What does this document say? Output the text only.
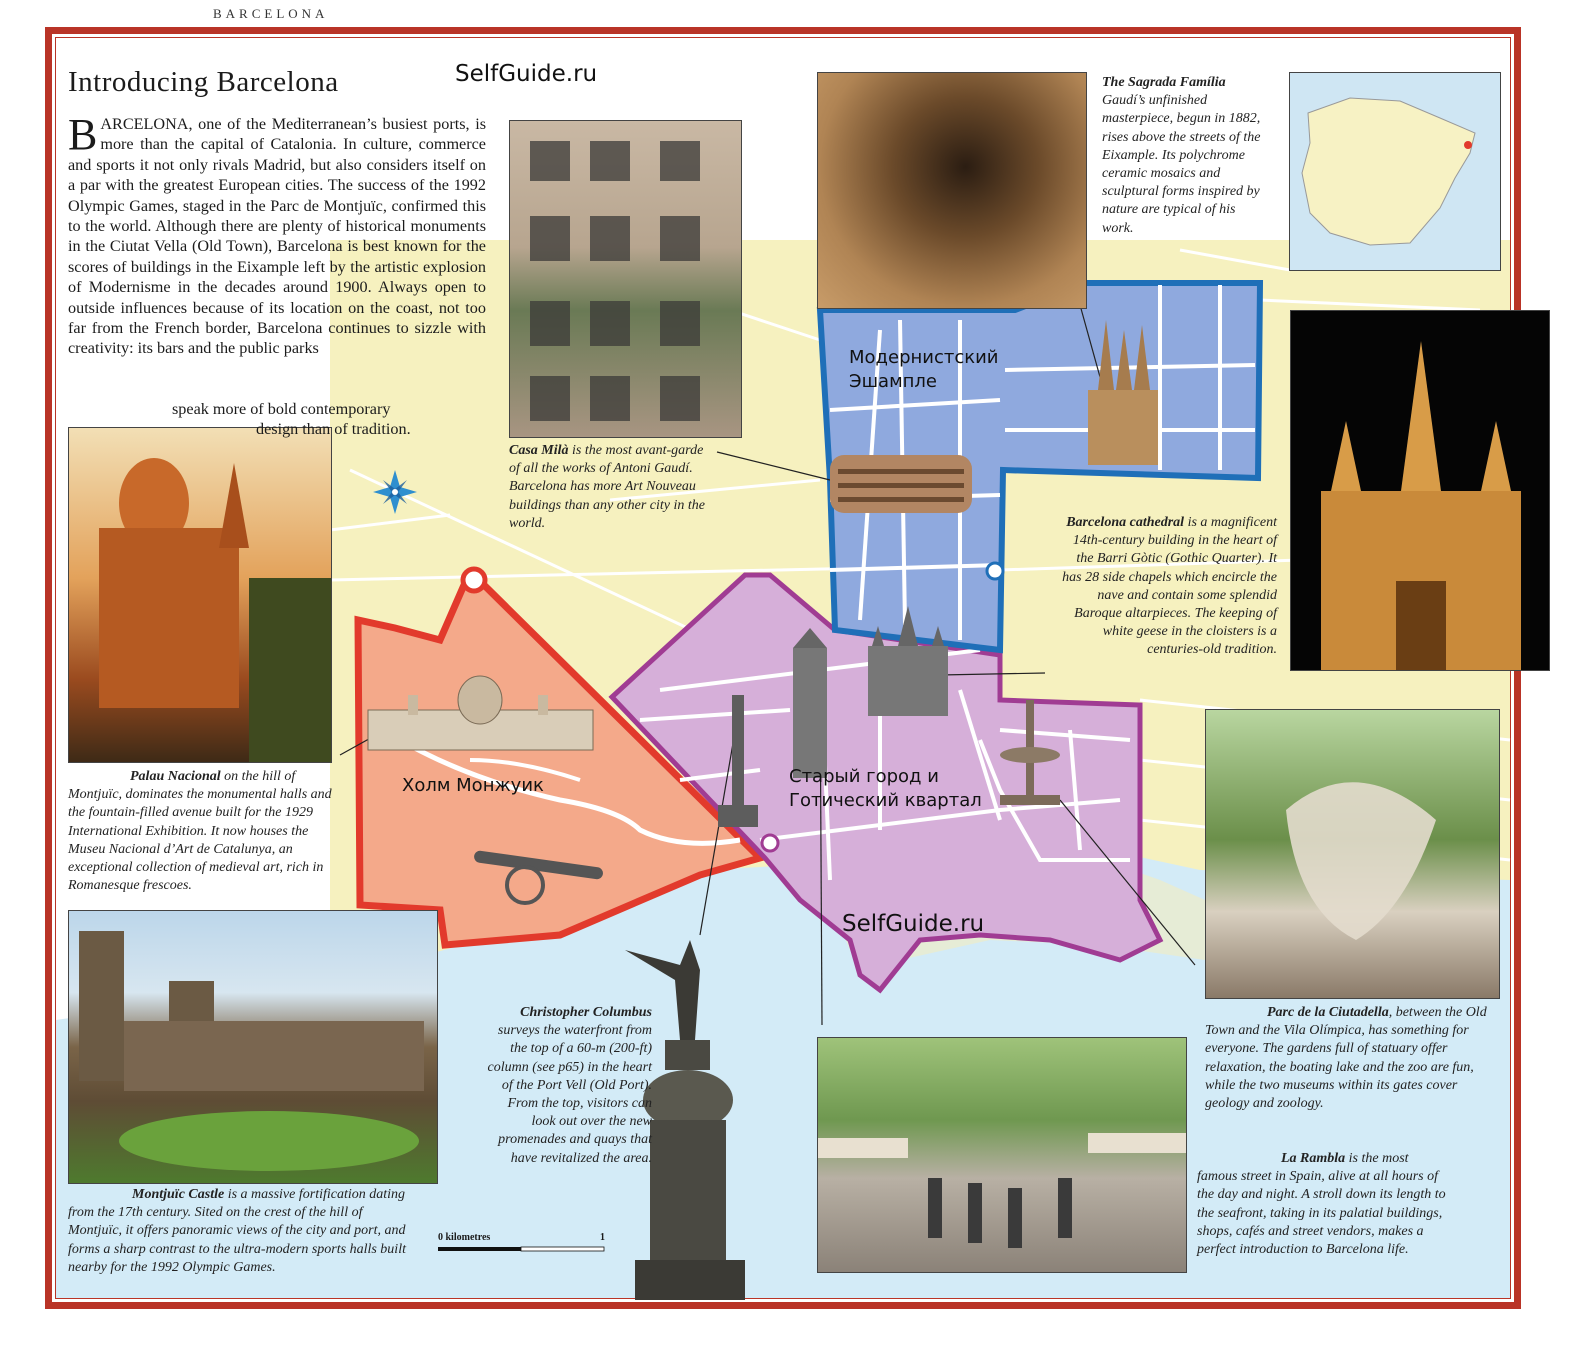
BARCELONA
Introducing Barcelona	SelfGuide.ru
SelfGuide.ru
BARCELONA, one of the Mediterranean’s busiest ports, is more than the capital of Catalonia. In culture, commerce and sports it not only rivals Madrid, but also considers itself on a par with the greatest European cities. The success of the 1992 Olympic Games, staged in the Parc de Montjuïc, confirmed this to the world. Although there are plenty of historical monuments in the Ciutat Vella (Old Town), Barcelona is best known for the scores of buildings in the Eixample left by the artistic explosion of Modernisme in the decades around 1900. Always open to outside influences because of its location on the coast, not too far from the French border, Barcelona continues to sizzle with creativity: its bars and the public parks
speak more of bold contemporary
design than of tradition.
Модернистский Эшампле
Старый город и Готический квартал
Холм Монжуик
The Sagrada Família
Gaudí’s unfinished masterpiece, begun in 1882, rises above the streets of the Eixample. Its polychrome ceramic mosaics and sculptural forms inspired by nature are typical of his work.
Casa Milà is the most avant-garde of all the works of Antoni Gaudí. Barcelona has more Art Nouveau buildings than any other city in the world.	Barcelona cathedral is a magnificent 14th-century building in the heart of the Barri Gòtic (Gothic Quarter). It has 28 side chapels which encircle the nave and contain some splendid Baroque altarpieces. The keeping of white geese in the cloisters is a centuries-old tradition.
Palau Nacional on the hill of Montjuïc, dominates the monumental halls and the fountain-filled avenue built for the 1929 International Exhibition. It now houses the Museu Nacional d’Art de Catalunya, an exceptional collection of medieval art, rich in Romanesque frescoes.
Montjuïc Castle is a massive fortification dating from the 17th century. Sited on the crest of the hill of Montjuïc, it offers panoramic views of the city and port, and forms a sharp contrast to the ultra-modern sports halls built nearby for the 1992 Olympic Games.
Christopher Columbus
surveys the waterfront from the top of a 60-m (200-ft) column (see p65) in the heart of the Port Vell (Old Port). From the top, visitors can look out over the new promenades and quays that have revitalized the area.
Parc de la Ciutadella, between the Old Town and the Vila Olímpica, has something for everyone. The gardens full of statuary offer relaxation, the boating lake and the zoo are fun, while the two museums within its gates cover geology and zoology.
La Rambla is the most famous street in Spain, alive at all hours of the day and night. A stroll down its length to the seafront, taking in its palatial buildings, shops, cafés and street vendors, makes a perfect introduction to Barcelona life.
0 kilometres	1
